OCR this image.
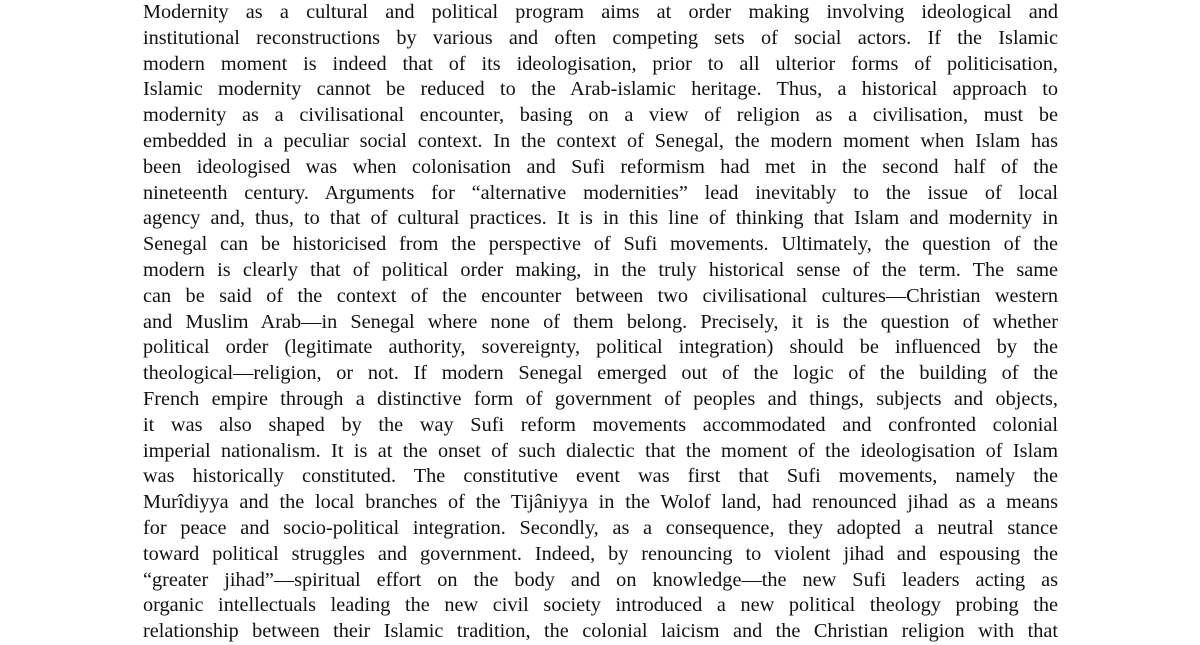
Modernity as a cultural and political program aims at order making involving ideological and
institutional reconstructions by various and often competing sets of social actors. If the Islamic
modern moment is indeed that of its ideologisation, prior to all ulterior forms of politicisation,
Islamic modernity cannot be reduced to the Arab-islamic heritage. Thus, a historical approach to
modernity as a civilisational encounter, basing on a view of religion as a civilisation, must be
embedded in a peculiar social context. In the context of Senegal, the modern moment when Islam has
been ideologised was when colonisation and Sufi reformism had met in the second half of the
nineteenth century. Arguments for “alternative modernities” lead inevitably to the issue of local
agency and, thus, to that of cultural practices. It is in this line of thinking that Islam and modernity in
Senegal can be historicised from the perspective of Sufi movements. Ultimately, the question of the
modern is clearly that of political order making, in the truly historical sense of the term. The same
can be said of the context of the encounter between two civilisational cultures—Christian western
and Muslim Arab—in Senegal where none of them belong. Precisely, it is the question of whether
political order (legitimate authority, sovereignty, political integration) should be influenced by the
theological—religion, or not. If modern Senegal emerged out of the logic of the building of the
French empire through a distinctive form of government of peoples and things, subjects and objects,
it was also shaped by the way Sufi reform movements accommodated and confronted colonial
imperial nationalism. It is at the onset of such dialectic that the moment of the ideologisation of Islam
was historically constituted. The constitutive event was first that Sufi movements, namely the
Murîdiyya and the local branches of the Tijâniyya in the Wolof land, had renounced jihad as a means
for peace and socio-political integration. Secondly, as a consequence, they adopted a neutral stance
toward political struggles and government. Indeed, by renouncing to violent jihad and espousing the
“greater jihad”—spiritual effort on the body and on knowledge—the new Sufi leaders acting as
organic intellectuals leading the new civil society introduced a new political theology probing the
relationship between their Islamic tradition, the colonial laicism and the Christian religion with that
